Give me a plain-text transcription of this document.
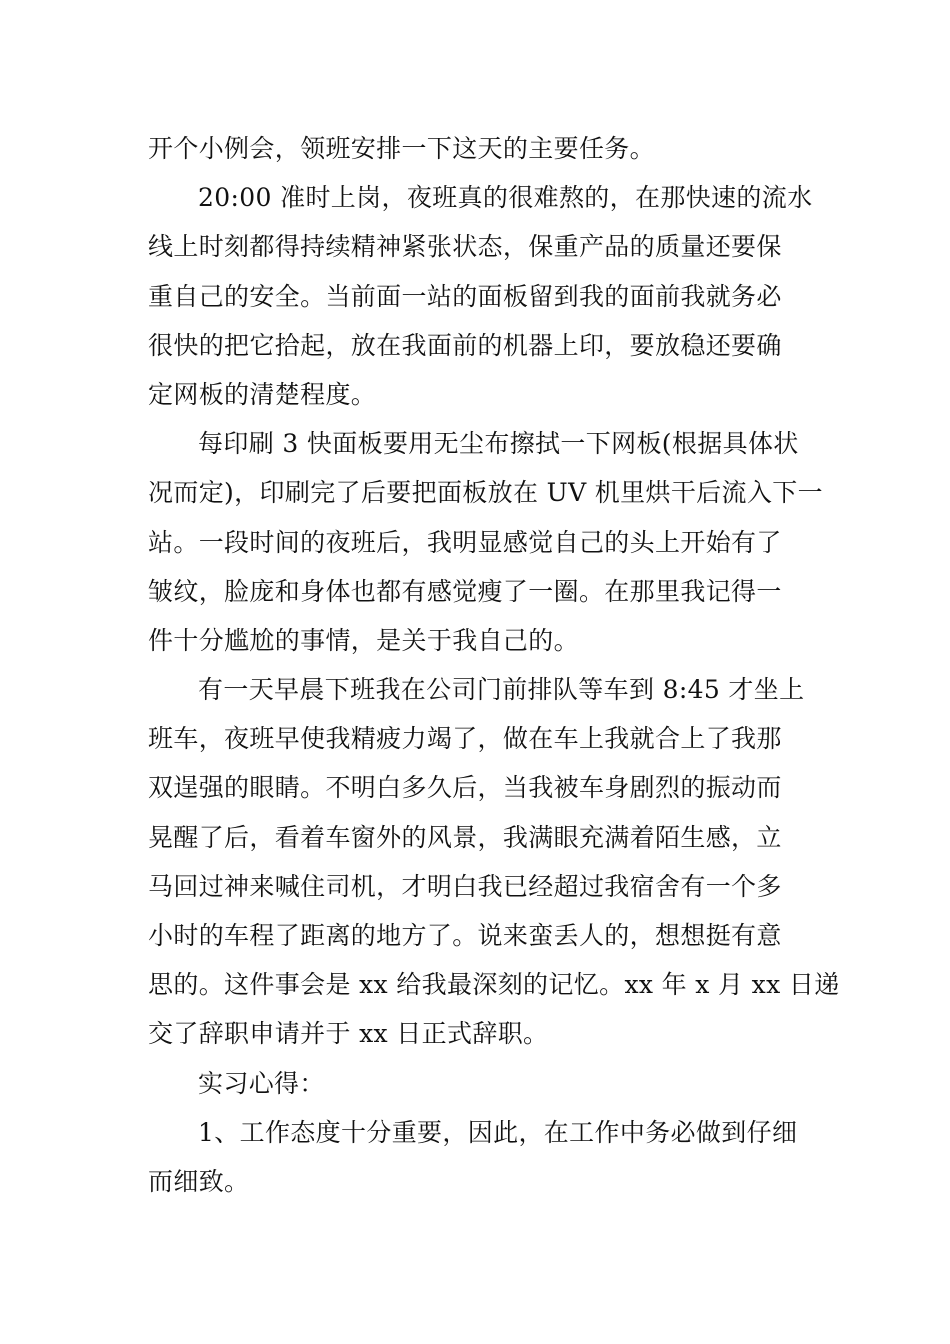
开个小例会，领班安排一下这天的主要任务。

20:00 准时上岗，夜班真的很难熬的，在那快速的流水
线上时刻都得持续精神紧张状态，保重产品的质量还要保
重自己的安全。当前面一站的面板留到我的面前我就务必
很快的把它拾起，放在我面前的机器上印，要放稳还要确
定网板的清楚程度。

每印刷 3 快面板要用无尘布擦拭一下网板(根据具体状
况而定)，印刷完了后要把面板放在 UV 机里烘干后流入下一
站。一段时间的夜班后，我明显感觉自己的头上开始有了
皱纹，脸庞和身体也都有感觉瘦了一圈。在那里我记得一
件十分尴尬的事情，是关于我自己的。

有一天早晨下班我在公司门前排队等车到 8:45 才坐上
班车，夜班早使我精疲力竭了，做在车上我就合上了我那
双逞强的眼睛。不明白多久后，当我被车身剧烈的振动而
晃醒了后，看着车窗外的风景，我满眼充满着陌生感，立
马回过神来喊住司机，才明白我已经超过我宿舍有一个多
小时的车程了距离的地方了。说来蛮丢人的，想想挺有意
思的。这件事会是 xx 给我最深刻的记忆。xx 年 x 月 xx 日递
交了辞职申请并于 xx 日正式辞职。

实习心得：

1、工作态度十分重要，因此，在工作中务必做到仔细
而细致。
